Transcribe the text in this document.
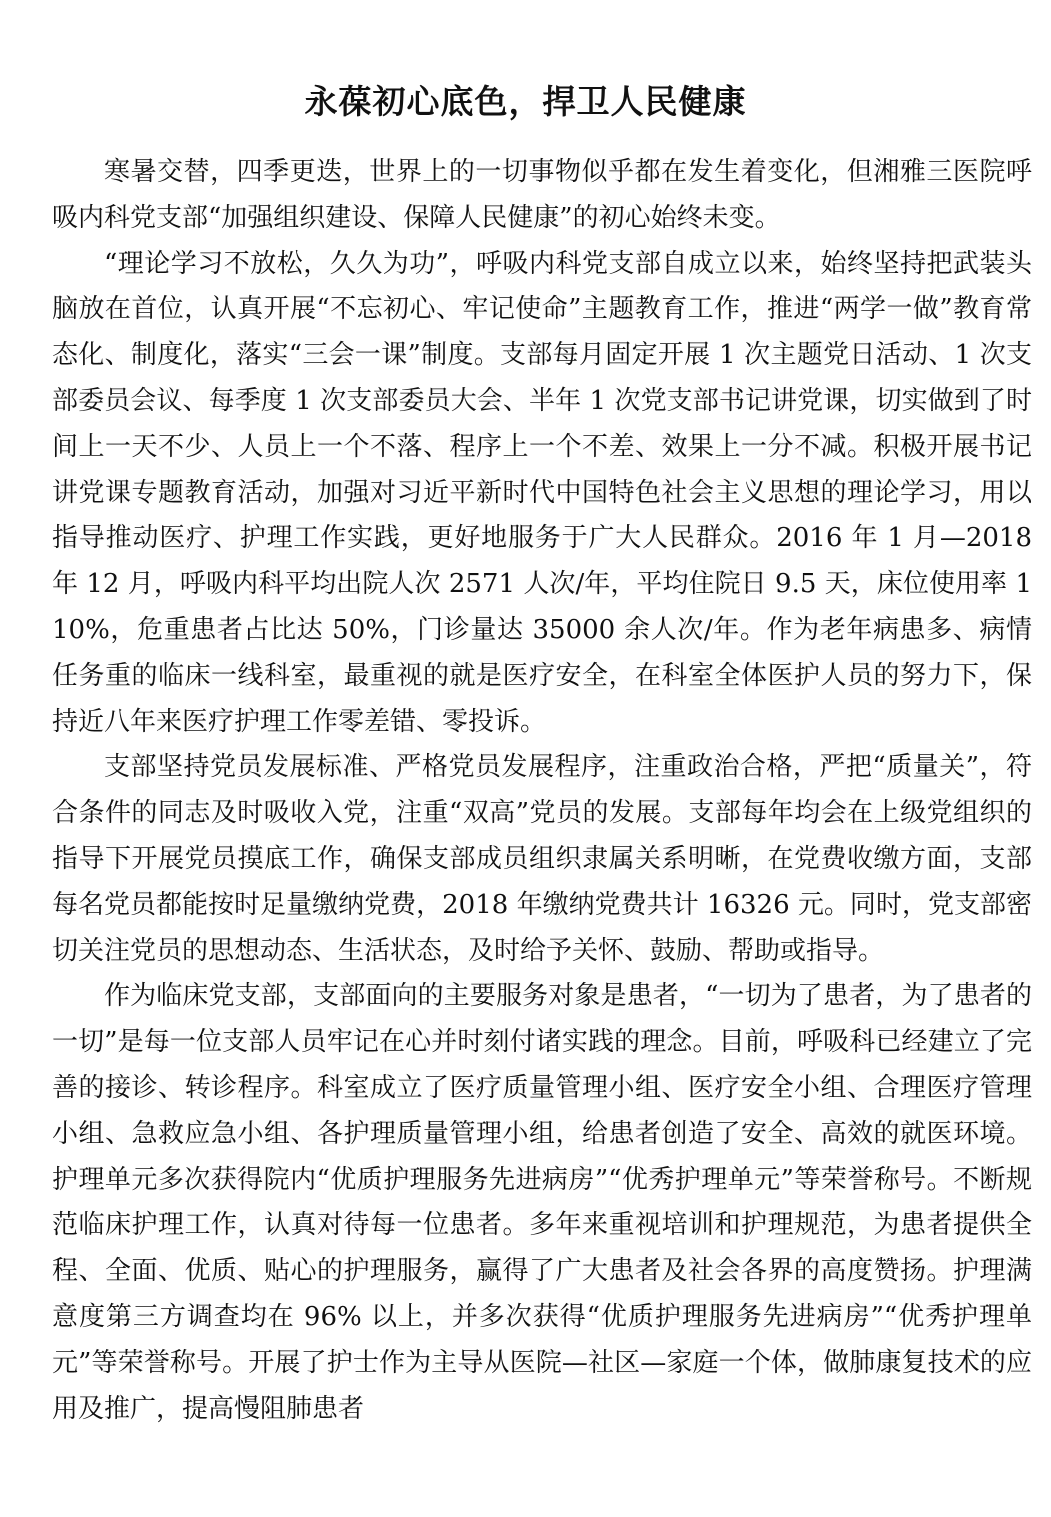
永葆初心底色，捍卫人民健康

寒暑交替，四季更迭，世界上的一切事物似乎都在发生着变化，但湘雅三医院呼吸内科党支部“加强组织建设、保障人民健康”的初心始终未变。

“理论学习不放松，久久为功”，呼吸内科党支部自成立以来，始终坚持把武装头脑放在首位，认真开展“不忘初心、牢记使命”主题教育工作，推进“两学一做”教育常态化、制度化，落实“三会一课”制度。支部每月固定开展 1 次主题党日活动、1 次支部委员会议、每季度 1 次支部委员大会、半年 1 次党支部书记讲党课，切实做到了时间上一天不少、人员上一个不落、程序上一个不差、效果上一分不减。积极开展书记讲党课专题教育活动，加强对习近平新时代中国特色社会主义思想的理论学习，用以指导推动医疗、护理工作实践，更好地服务于广大人民群众。2016 年 1 月—2018 年 12 月，呼吸内科平均出院人次 2571 人次/年，平均住院日 9.5 天，床位使用率 110%，危重患者占比达 50%，门诊量达 35000 余人次/年。作为老年病患多、病情任务重的临床一线科室，最重视的就是医疗安全，在科室全体医护人员的努力下，保持近八年来医疗护理工作零差错、零投诉。

支部坚持党员发展标准、严格党员发展程序，注重政治合格，严把“质量关”，符合条件的同志及时吸收入党，注重“双高”党员的发展。支部每年均会在上级党组织的指导下开展党员摸底工作，确保支部成员组织隶属关系明晰，在党费收缴方面，支部每名党员都能按时足量缴纳党费，2018 年缴纳党费共计 16326 元。同时，党支部密切关注党员的思想动态、生活状态，及时给予关怀、鼓励、帮助或指导。

作为临床党支部，支部面向的主要服务对象是患者，“一切为了患者，为了患者的一切”是每一位支部人员牢记在心并时刻付诸实践的理念。目前，呼吸科已经建立了完善的接诊、转诊程序。科室成立了医疗质量管理小组、医疗安全小组、合理医疗管理小组、急救应急小组、各护理质量管理小组，给患者创造了安全、高效的就医环境。护理单元多次获得院内“优质护理服务先进病房”“优秀护理单元”等荣誉称号。不断规范临床护理工作，认真对待每一位患者。多年来重视培训和护理规范，为患者提供全程、全面、优质、贴心的护理服务，赢得了广大患者及社会各界的高度赞扬。护理满意度第三方调查均在 96% 以上，并多次获得“优质护理服务先进病房”“优秀护理单元”等荣誉称号。开展了护士作为主导从医院—社区—家庭一个体，做肺康复技术的应用及推广，提高慢阻肺患者
